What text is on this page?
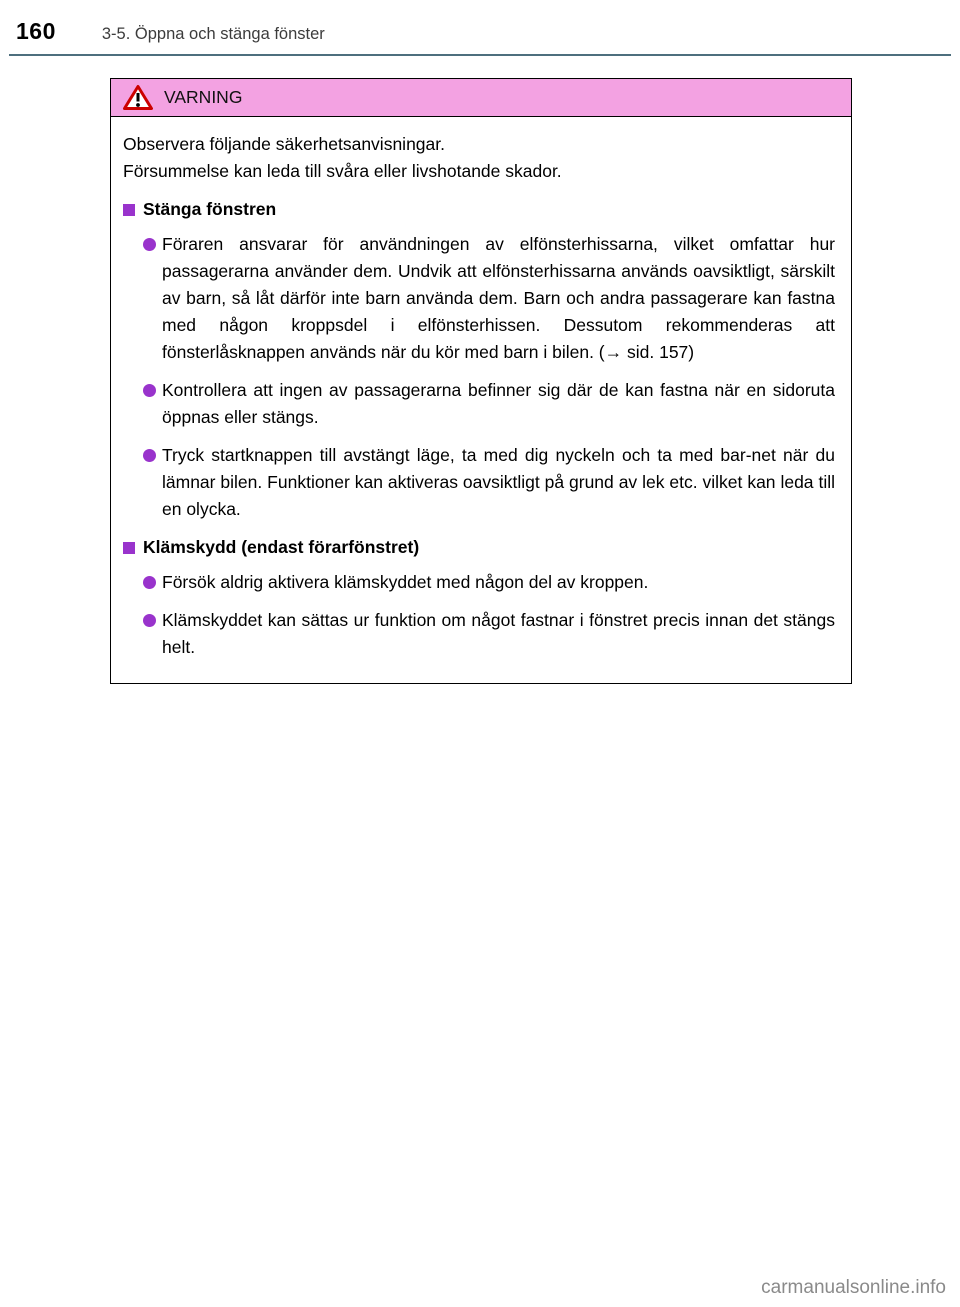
160	3-5. Öppna och stänga fönster
VARNING

Observera följande säkerhetsanvisningar.

Försummelse kan leda till svåra eller livshotande skador.

Stänga fönstren

Föraren ansvarar för användningen av elfönsterhissarna, vilket omfattar hur passagerarna använder dem. Undvik att elfönsterhissarna används oavsiktligt, särskilt av barn, så låt därför inte barn använda dem. Barn och andra passagerare kan fastna med någon kroppsdel i elfönsterhissen. Dessutom rekommenderas att fönsterlåsknappen används när du kör med barn i bilen. (→ sid. 157)

Kontrollera att ingen av passagerarna befinner sig där de kan fastna när en sidoruta öppnas eller stängs.

Tryck startknappen till avstängt läge, ta med dig nyckeln och ta med bar-net när du lämnar bilen. Funktioner kan aktiveras oavsiktligt på grund av lek etc. vilket kan leda till en olycka.

Klämskydd (endast förarfönstret)

Försök aldrig aktivera klämskyddet med någon del av kroppen.

Klämskyddet kan sättas ur funktion om något fastnar i fönstret precis innan det stängs helt.

carmanualsonline.info
